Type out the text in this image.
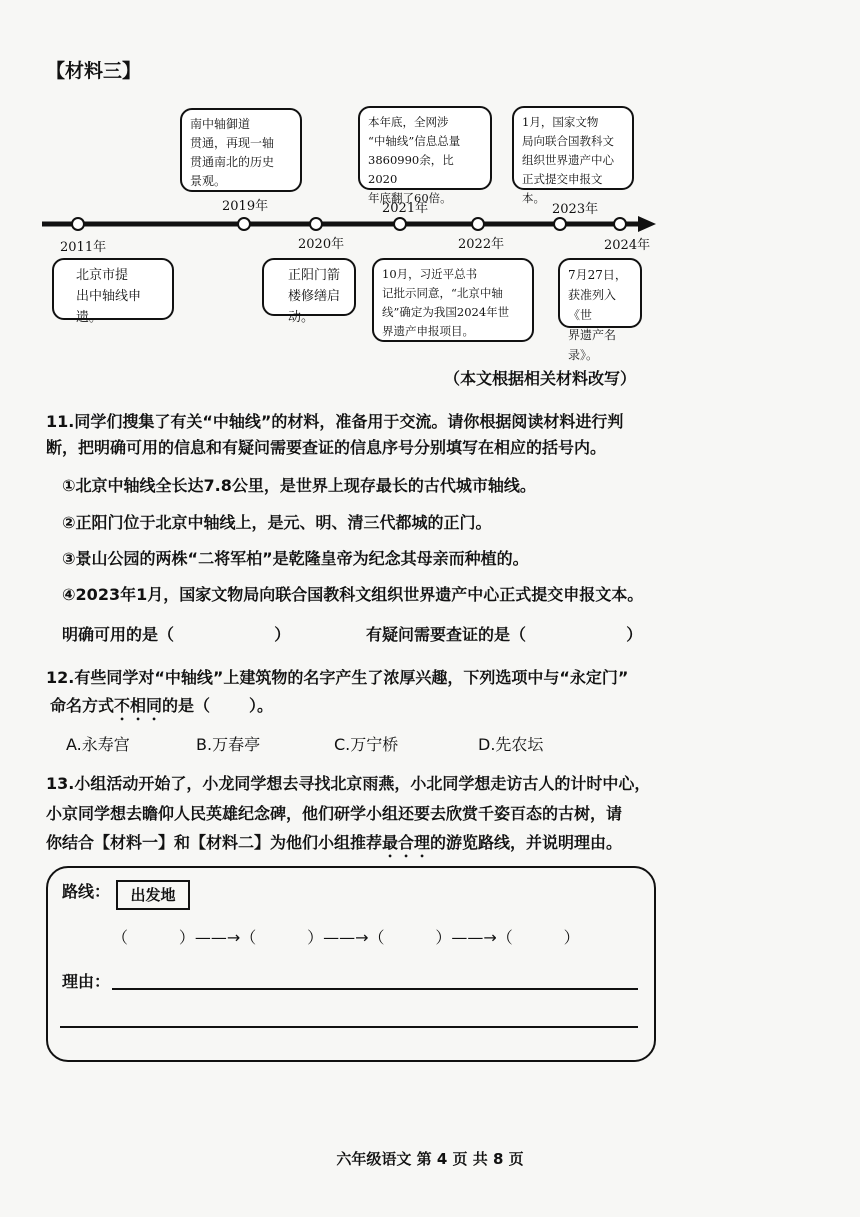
【材料三】
2011年
2019年
2020年
2021年
2022年
2023年
2024年
北京市提
出中轴线申遗。
南中轴御道
贯通，再现一轴
贯通南北的历史
景观。
正阳门箭
楼修缮启动。
本年底，全网涉
“中轴线”信息总量
3860990余，比2020
年底翻了60倍。
10月，习近平总书
记批示同意，“北京中轴
线”确定为我国2024年世
界遗产申报项目。
1月，国家文物
局向联合国教科文
组织世界遗产中心
正式提交申报文本。
7月27日，
获准列入《世
界遗产名录》。
（本文根据相关材料改写）
11.同学们搜集了有关“中轴线”的材料，准备用于交流。请你根据阅读材料进行判
断，把明确可用的信息和有疑问需要查证的信息序号分别填写在相应的括号内。
①北京中轴线全长达7.8公里，是世界上现存最长的古代城市轴线。
②正阳门位于北京中轴线上，是元、明、清三代都城的正门。
③景山公园的两株“二将军柏”是乾隆皇帝为纪念其母亲而种植的。
④2023年1月，国家文物局向联合国教科文组织世界遗产中心正式提交申报文本。
明确可用的是（                  ）	有疑问需要查证的是（                  ）
12.有些同学对“中轴线”上建筑物的名字产生了浓厚兴趣，下列选项中与“永定门”
命名方式不相同的是（       ）。
A.永寿宫	B.万春亭	C.万宁桥	D.先农坛
13.小组活动开始了，小龙同学想去寻找北京雨燕，小北同学想走访古人的计时中心，
小京同学想去瞻仰人民英雄纪念碑，他们研学小组还要去欣赏千姿百态的古树，请
你结合【材料一】和【材料二】为他们小组推荐最合理的游览路线，并说明理由。
路线：	出发地
（          ）——→（          ）——→（          ）——→（          ）
理由：
六年级语文 第 4 页 共 8 页
